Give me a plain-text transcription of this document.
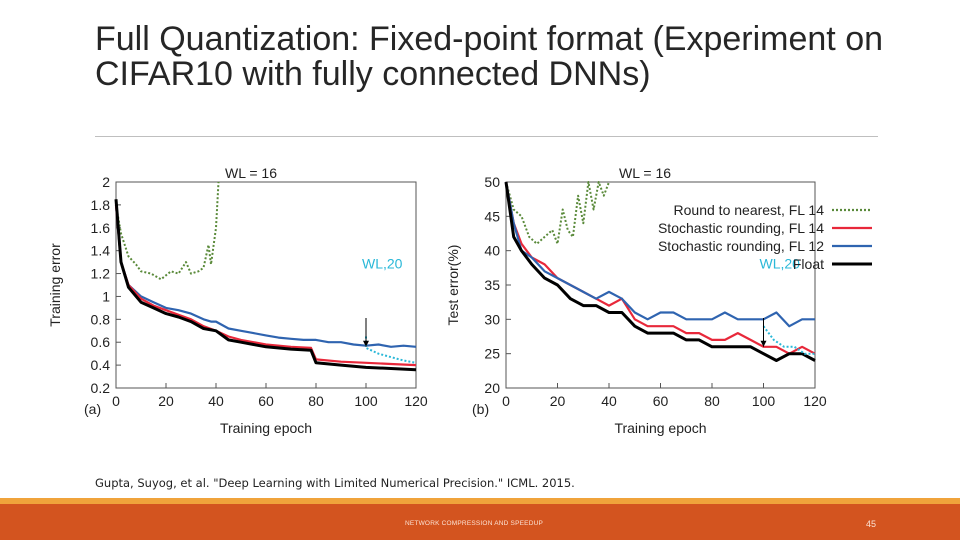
Full Quantization: Fixed-point format (Experiment on CIFAR10 with fully connected DNNs)
WL = 16
0	20 40 60 80 100 120
2
1.8
1.6
1.4
1.2
1
0.8
0.6
0.4
0.2
Training epoch
Training error
(a)
WL,20
WL = 16
0	20	40	60	80 100 120
50
45
40
35
30
25
20
Training epoch
Test error(%)
(b)
WL,20
Round to nearest, FL 14
Stochastic rounding, FL 14
Stochastic rounding, FL 12
Float
Gupta, Suyog, et al. "Deep Learning with Limited Numerical Precision." ICML. 2015.
NETWORK COMPRESSION AND SPEEDUP	45
